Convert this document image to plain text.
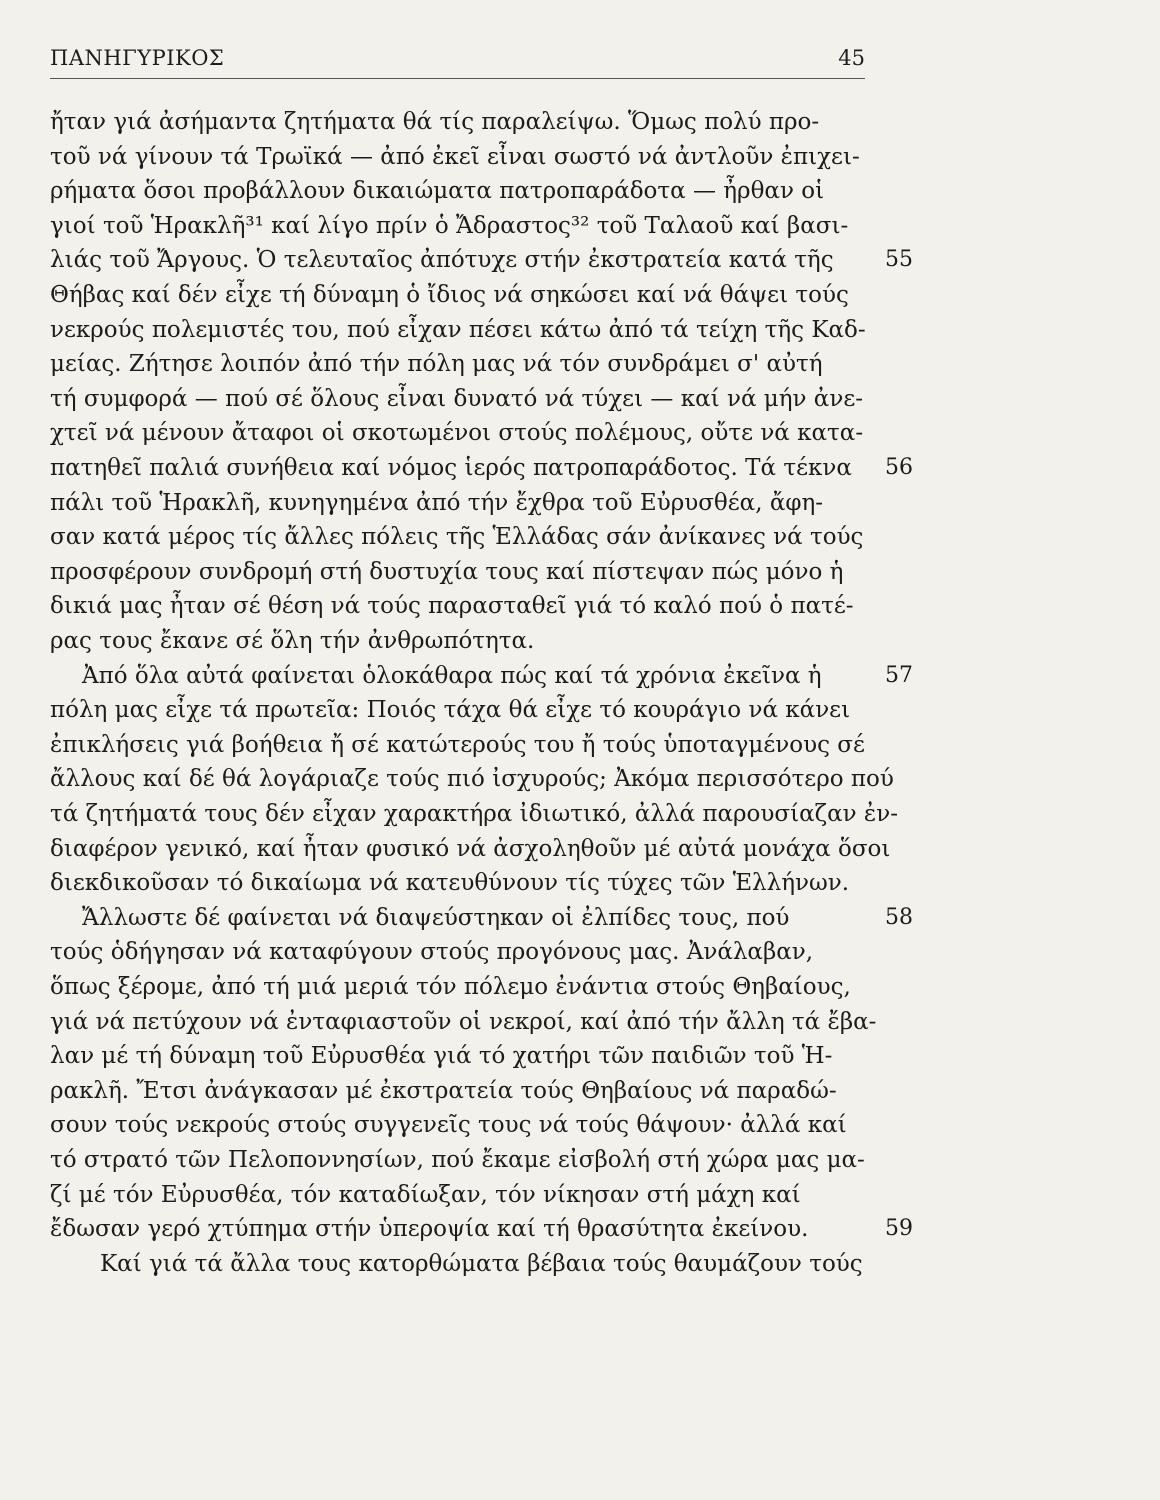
ΠΑΝΗΓΥΡΙΚΟΣ	45
ἤταν γιά ἀσήμαντα ζητήματα θά τίς παραλείψω. Ὅμως πολύ προ-
τοῦ νά γίνουν τά Τρωϊκά — ἀπό ἐκεῖ εἶναι σωστό νά ἀντλοῦν ἐπιχει-
ρήματα ὅσοι προβάλλουν δικαιώματα πατροπαράδοτα — ἦρθαν οἱ
γιοί τοῦ Ἡρακλῆ³¹ καί λίγο πρίν ὁ Ἄδραστος³² τοῦ Ταλαοῦ καί βασι-
λιάς τοῦ Ἄργους. Ὁ τελευταῖος ἀπότυχε στήν ἐκστρατεία κατά τῆς
Θήβας καί δέν εἶχε τή δύναμη ὁ ἴδιος νά σηκώσει καί νά θάψει τούς
νεκρούς πολεμιστές του, πού εἶχαν πέσει κάτω ἀπό τά τείχη τῆς Καδ-
μείας. Ζήτησε λοιπόν ἀπό τήν πόλη μας νά τόν συνδράμει σ' αὐτή
τή συμφορά — πού σέ ὅλους εἶναι δυνατό νά τύχει — καί νά μήν ἀνε-
χτεῖ νά μένουν ἄταφοι οἱ σκοτωμένοι στούς πολέμους, οὔτε νά κατα-
πατηθεῖ παλιά συνήθεια καί νόμος ἱερός πατροπαράδοτος. Τά τέκνα
πάλι τοῦ Ἡρακλῆ, κυνηγημένα ἀπό τήν ἔχθρα τοῦ Εὐρυσθέα, ἄφη-
σαν κατά μέρος τίς ἄλλες πόλεις τῆς Ἑλλάδας σάν ἀνίκανες νά τούς
προσφέρουν συνδρομή στή δυστυχία τους καί πίστεψαν πώς μόνο ἡ
δικιά μας ἦταν σέ θέση νά τούς παρασταθεῖ γιά τό καλό πού ὁ πατέ-
ρας τους ἔκανε σέ ὅλη τήν ἀνθρωπότητα.
Ἀπό ὅλα αὐτά φαίνεται ὁλοκάθαρα πώς καί τά χρόνια ἐκεῖνα ἡ
πόλη μας εἶχε τά πρωτεῖα: Ποιός τάχα θά εἶχε τό κουράγιο νά κάνει
ἐπικλήσεις γιά βοήθεια ἤ σέ κατώτερούς του ἤ τούς ὑποταγμένους σέ
ἄλλους καί δέ θά λογάριαζε τούς πιό ἰσχυρούς; Ἀκόμα περισσότερο πού
τά ζητήματά τους δέν εἶχαν χαρακτήρα ἰδιωτικό, ἀλλά παρουσίαζαν ἐν-
διαφέρον γενικό, καί ἦταν φυσικό νά ἀσχοληθοῦν μέ αὐτά μονάχα ὅσοι
διεκδικοῦσαν τό δικαίωμα νά κατευθύνουν τίς τύχες τῶν Ἑλλήνων.
Ἄλλωστε δέ φαίνεται νά διαψεύστηκαν οἱ ἐλπίδες τους, πού
τούς ὁδήγησαν νά καταφύγουν στούς προγόνους μας. Ἀνάλαβαν,
ὅπως ξέρομε, ἀπό τή μιά μεριά τόν πόλεμο ἐνάντια στούς Θηβαίους,
γιά νά πετύχουν νά ἐνταφιαστοῦν οἱ νεκροί, καί ἀπό τήν ἄλλη τά ἔβα-
λαν μέ τή δύναμη τοῦ Εὐρυσθέα γιά τό χατήρι τῶν παιδιῶν τοῦ Ἡ-
ρακλῆ. Ἔτσι ἀνάγκασαν μέ ἐκστρατεία τούς Θηβαίους νά παραδώ-
σουν τούς νεκρούς στούς συγγενεῖς τους νά τούς θάψουν· ἀλλά καί
τό στρατό τῶν Πελοποννησίων, πού ἔκαμε εἰσβολή στή χώρα μας μα-
ζί μέ τόν Εὐρυσθέα, τόν καταδίωξαν, τόν νίκησαν στή μάχη καί
ἔδωσαν γερό χτύπημα στήν ὑπεροψία καί τή θρασύτητα ἐκείνου.
Καί γιά τά ἄλλα τους κατορθώματα βέβαια τούς θαυμάζουν τούς
55
56
57
58
59
